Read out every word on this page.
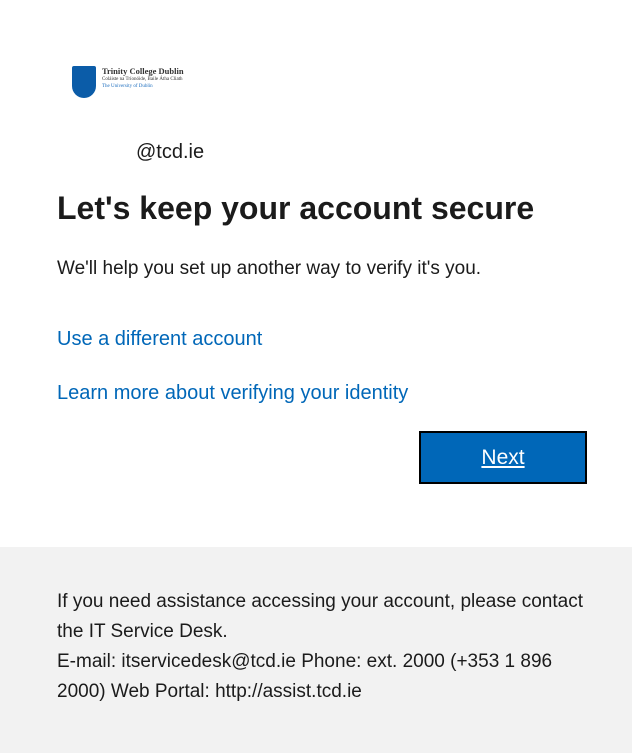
Trinity College Dublin
Coláiste na Tríonóide, Baile Átha Cliath
The University of Dublin
@tcd.ie
Let's keep your account secure
We'll help you set up another way to verify it's you.
Use a different account
Learn more about verifying your identity
Next

If you need assistance accessing your account, please contact the IT Service Desk.
E-mail: itservicedesk@tcd.ie Phone: ext. 2000 (+353 1 896 2000) Web Portal: http://assist.tcd.ie
